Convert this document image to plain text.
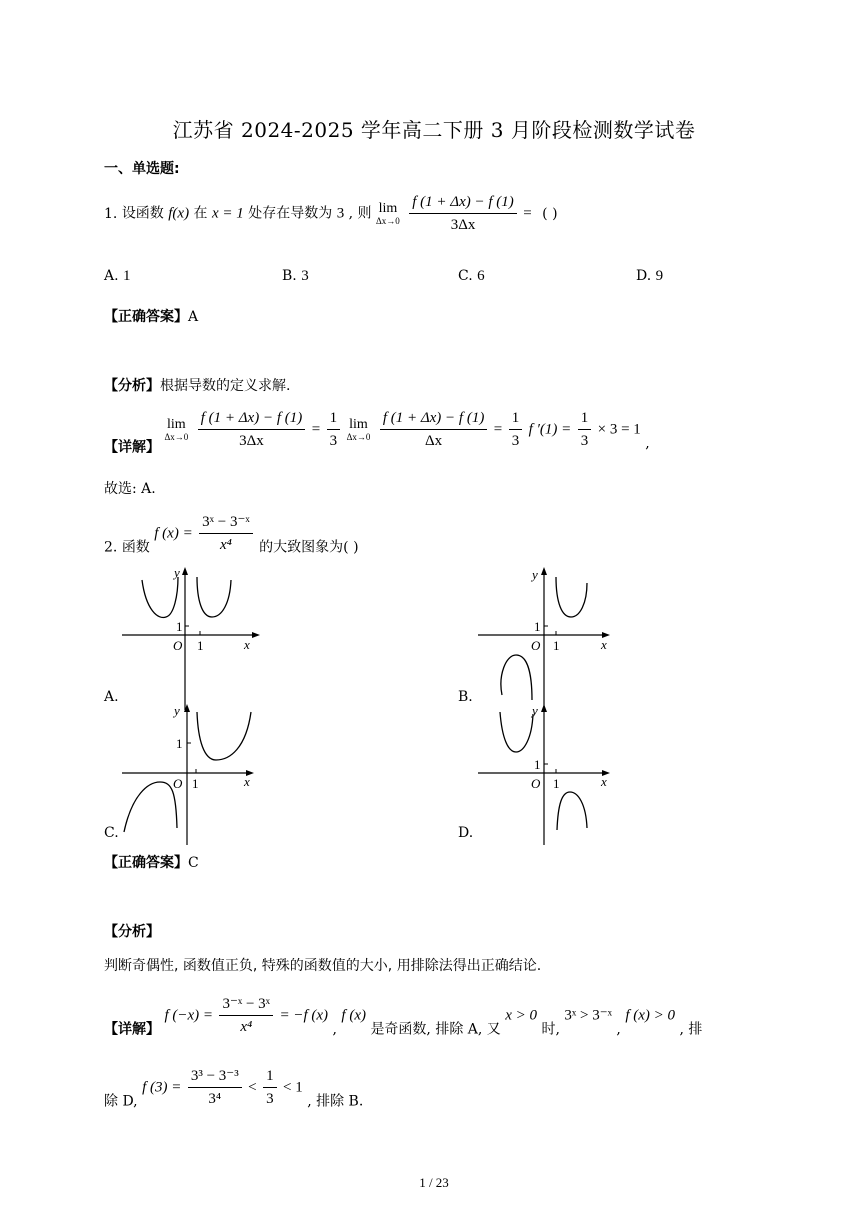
江苏省 2024-2025 学年高二下册 3 月阶段检测数学试卷
一、单选题:
1. 设函数 f(x) 在 x = 1 处存在导数为 3 , 则 lim
Δx→0
$\frac{f (1 + \Delta x) - f (1)}{3\Delta x}$ = ( )
A. 1	B. 3	C. 6	D. 9
【正确答案】A
【分析】根据导数的定义求解.
【详解】
lim
Δx→0
$\frac{f (1 + \Delta x) - f (1)}{3\Delta x} = \frac{1}{3}$
lim
Δx→0
$\frac{f (1 + \Delta x) - f (1)}{\Delta x} = \frac{1}{3}$ f $'(1) = \frac{1}{3} \times 3 = 1$ ,
故选: A.
2. 函数 f $(x) = \frac{\text{3ˣ − 3⁻ˣ}}{\text{x⁴}}$ 的大致图象为( )
y
1
O 1	x
A.
y
1
O 1	x
B.
y
1
O 1	x
C.
y
1
O 1	x
D.
【正确答案】C
【分析】
判断奇偶性, 函数值正负, 特殊的函数值的大小, 用排除法得出正确结论.
【详解】 f $(-x) = \frac{\text{3⁻ˣ − 3ˣ}}{\text{x⁴}} = -f$ (x) , f (x) 是奇函数, 排除 A, 又 x > 0 时, 3ˣ > 3⁻ˣ , f (x) > 0 , 排
除 D, f $(3) = \frac{\text{3³ − 3⁻³}}{\text{3⁴}} < \frac{1}{3} < 1$ , 排除 B.
1 / 23
